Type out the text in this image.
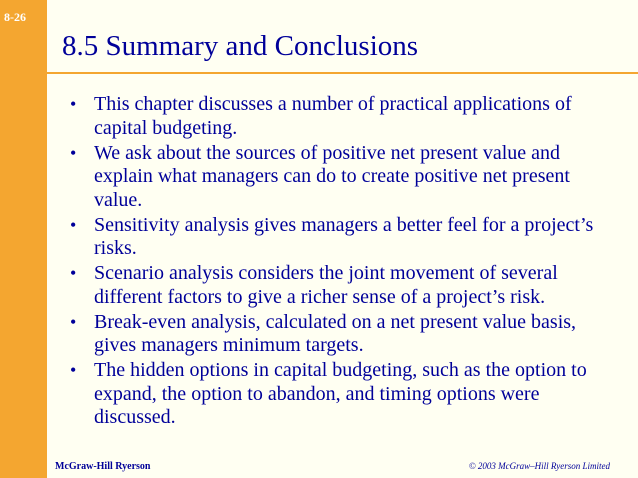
8-26
8.5 Summary and Conclusions
• This chapter discusses a number of practical applications of capital budgeting.
• We ask about the sources of positive net present value and explain what managers can do to create positive net present value.
• Sensitivity analysis gives managers a better feel for a project’s risks.
• Scenario analysis considers the joint movement of several different factors to give a richer sense of a project’s risk.
• Break-even analysis, calculated on a net present value basis, gives managers minimum targets.
• The hidden options in capital budgeting, such as the option to expand, the option to abandon, and timing options were discussed.
McGraw-Hill Ryerson	© 2003 McGraw–Hill Ryerson Limited
